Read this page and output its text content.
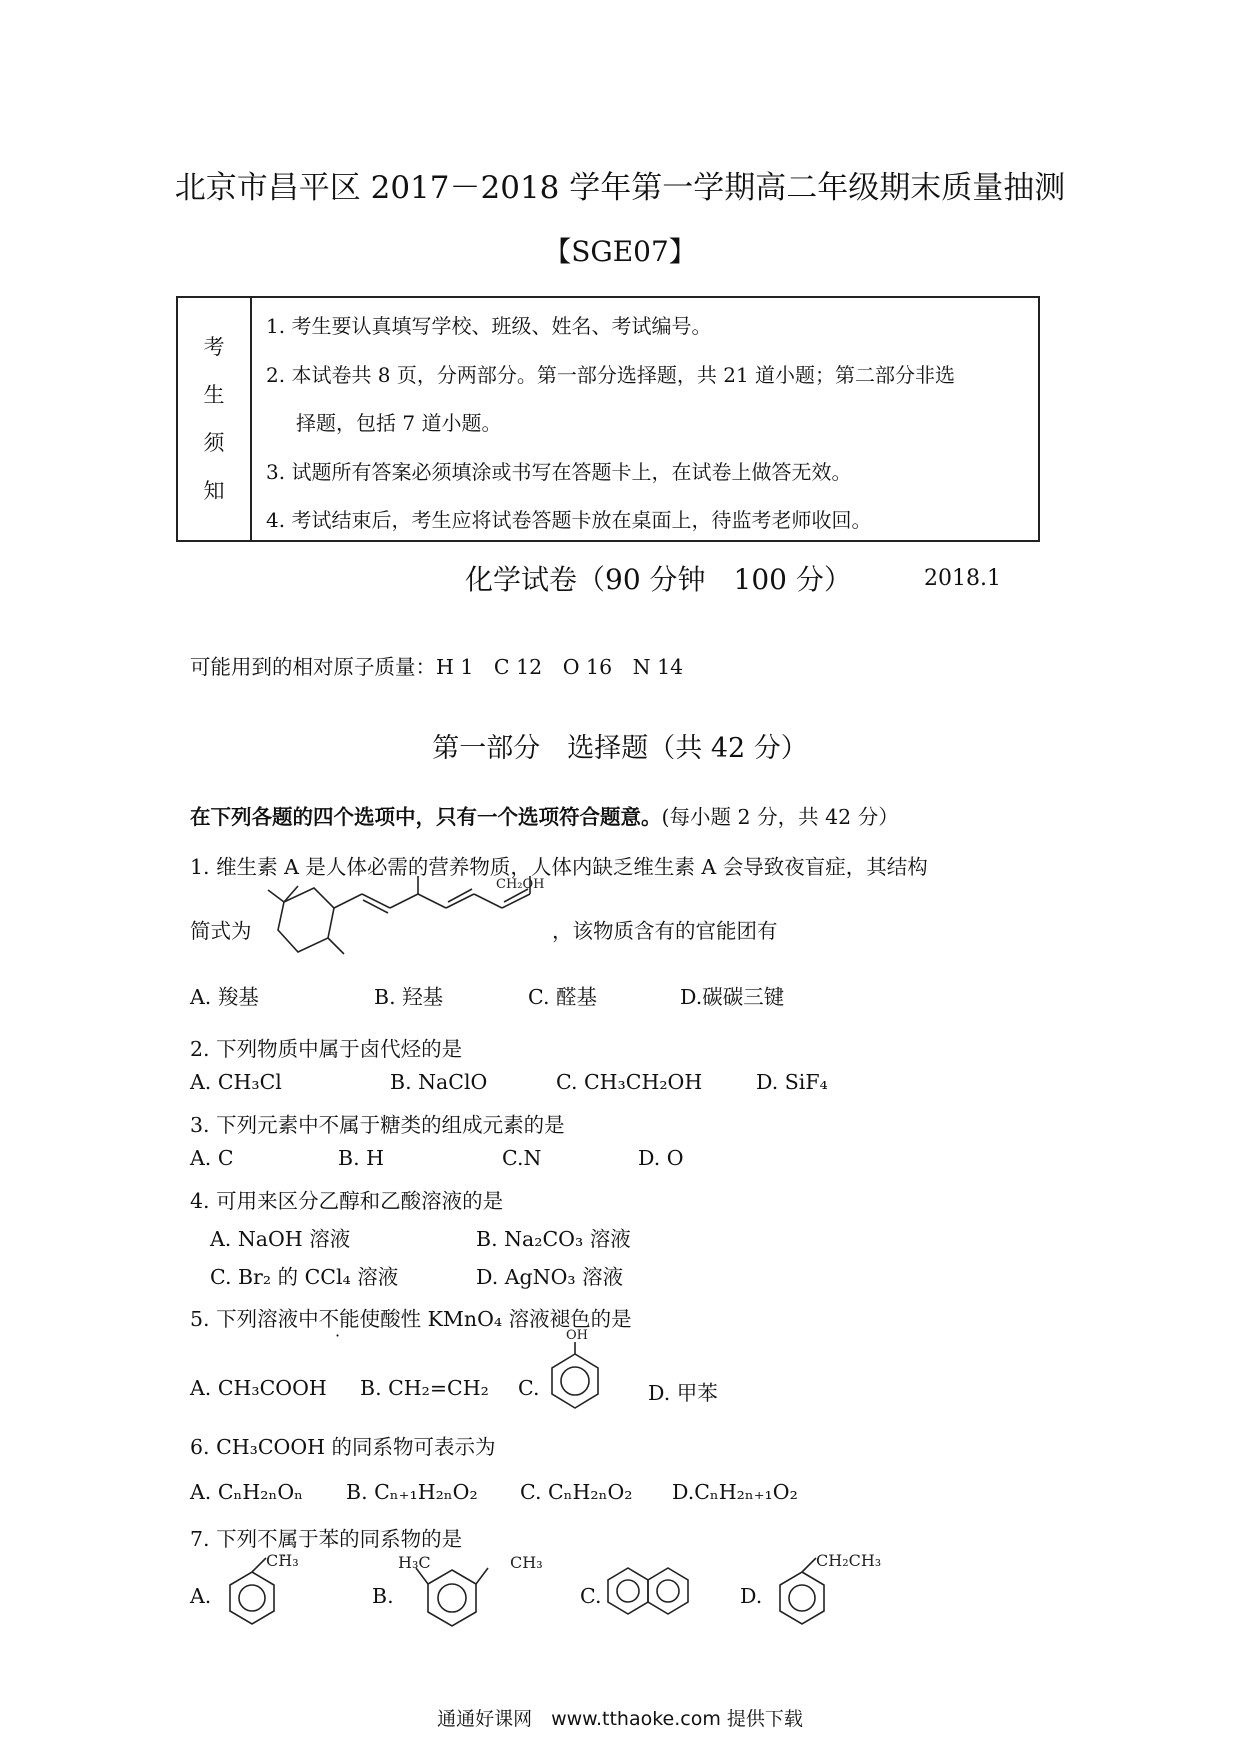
北京市昌平区 2017－2018 学年第一学期高二年级期末质量抽测
【SGE07】
考
生
须
知
1. 考生要认真填写学校、班级、姓名、考试编号。
2. 本试卷共 8 页，分两部分。第一部分选择题，共 21 道小题；第二部分非选
择题，包括 7 道小题。
3. 试题所有答案必须填涂或书写在答题卡上，在试卷上做答无效。
4. 考试结束后，考生应将试卷答题卡放在桌面上，待监考老师收回。
化学试卷（90 分钟　100 分）	2018.1
可能用到的相对原子质量：H 1　C 12　O 16　N 14
第一部分　选择题（共 42 分）
在下列各题的四个选项中，只有一个选项符合题意。(每小题 2 分，共 42 分）
1. 维生素 A 是人体必需的营养物质，人体内缺乏维生素 A 会导致夜盲症，其结构
简式为
CH₂OH
，该物质含有的官能团有
A. 羧基	B. 羟基	C. 醛基	D.碳碳三键
2. 下列物质中属于卤代烃的是
A. CH₃Cl	B. NaClO	C. CH₃CH₂OH	D. SiF₄
3. 下列元素中不属于糖类的组成元素的是
A. C	B. H	C.N	D. O
4. 可用来区分乙醇和乙酸溶液的是
A. NaOH 溶液	B. Na₂CO₃ 溶液
C. Br₂ 的 CCl₄ 溶液	D. AgNO₃ 溶液
5. 下列溶液中不能使酸性 KMnO₄ 溶液褪色的是
A. CH₃COOH B. CH₂=CH₂ C.
OH
D. 甲苯
6. CH₃COOH 的同系物可表示为
A. CₙH₂ₙOₙ B. Cₙ₊₁H₂ₙO₂ C. CₙH₂ₙO₂ D.CₙH₂ₙ₊₁O₂
7. 下列不属于苯的同系物的是
A.
CH₃
B.
H₃C	CH₃
C.	D.
CH₂CH₃
通通好课网　www.tthaoke.com 提供下载
